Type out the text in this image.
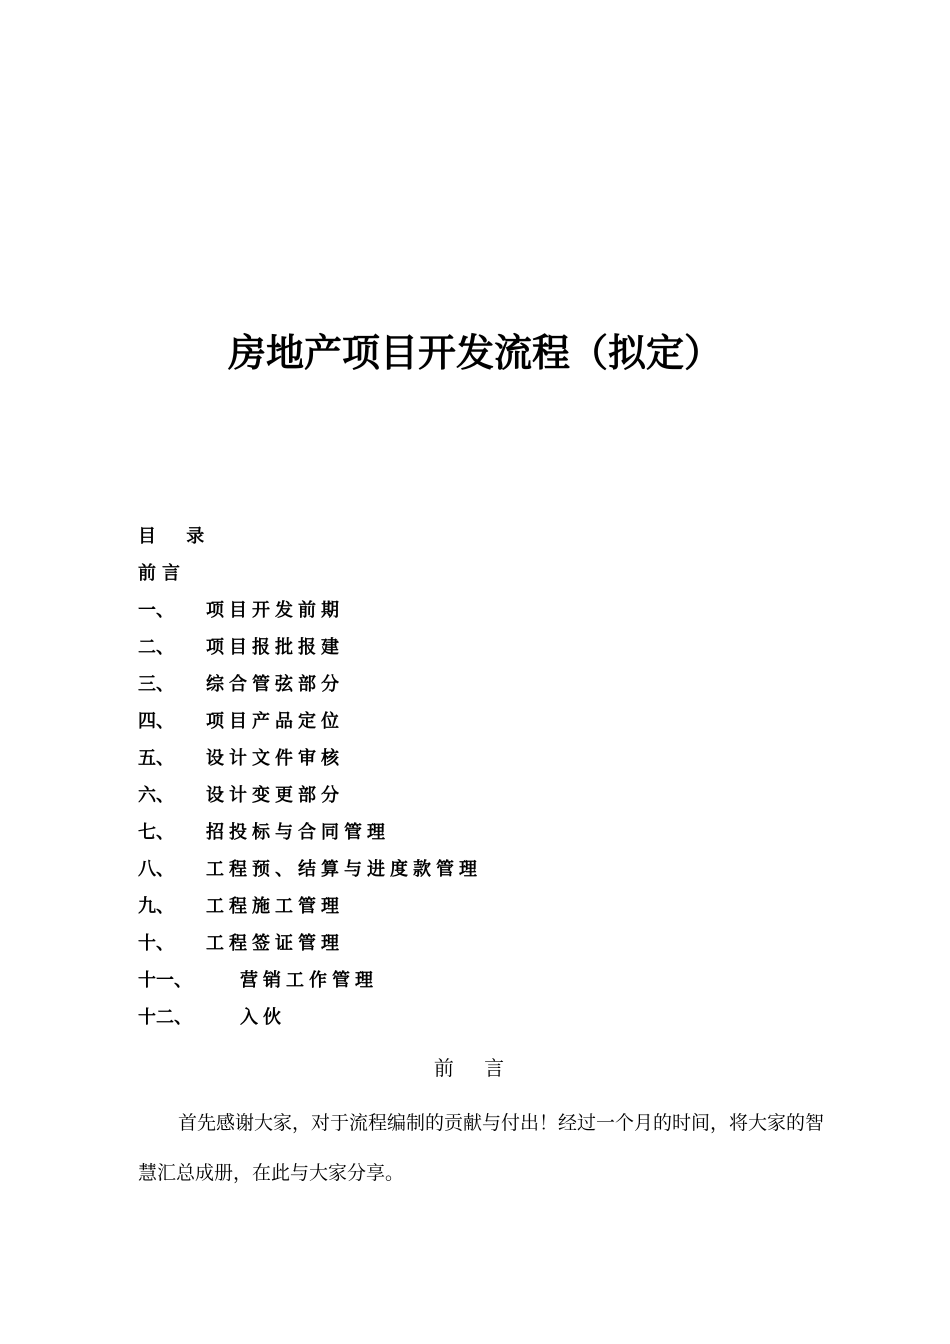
房地产项目开发流程（拟定）
目 录
前言
一、	项目开发前期
二、	项目报批报建
三、	综合管弦部分
四、	项目产品定位
五、	设计文件审核
六、	设计变更部分
七、	招投标与合同管理
八、	工程预、结算与进度款管理
九、	工程施工管理
十、	工程签证管理
十一、	营销工作管理
十二、	入伙
前 言
首先感谢大家，对于流程编制的贡献与付出！经过一个月的时间，将大家的智慧汇总成册，在此与大家分享。
